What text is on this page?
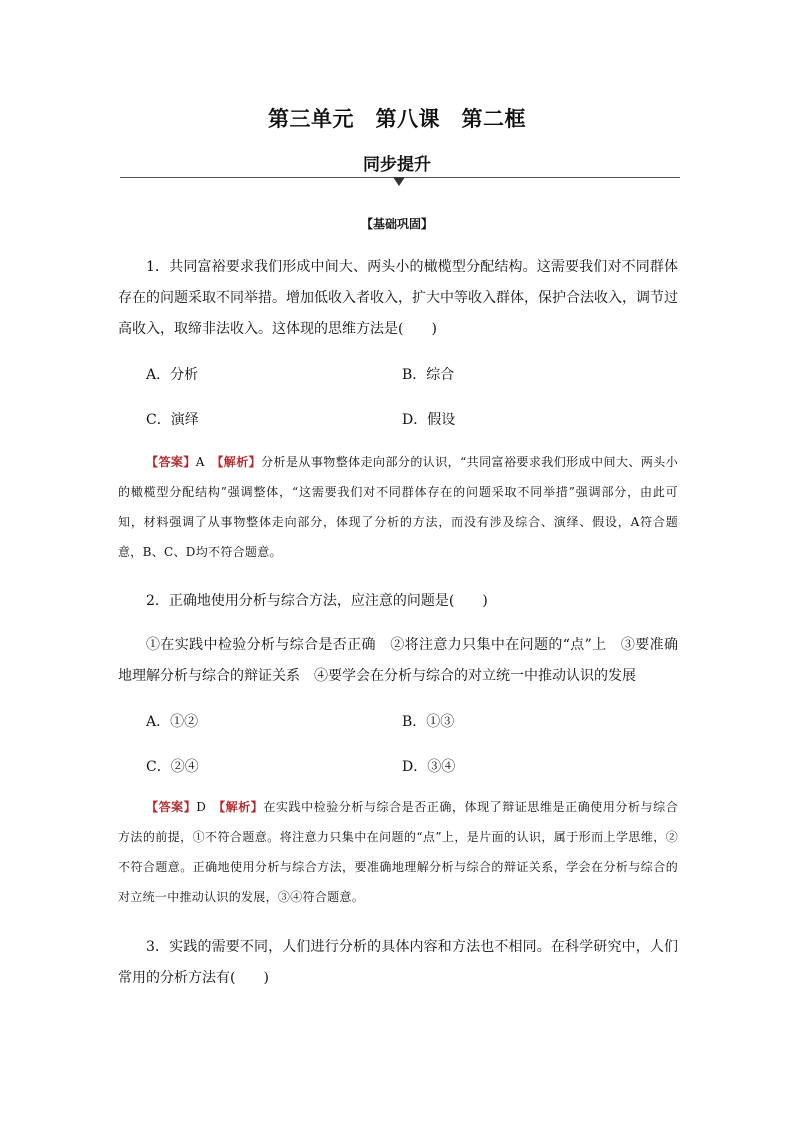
第三单元　第八课　第二框
同步提升
【基础巩固】

1．共同富裕要求我们形成中间大、两头小的橄榄型分配结构。这需要我们对不同群体存在的问题采取不同举措。增加低收入者收入，扩大中等收入群体，保护合法收入，调节过高收入，取缔非法收入。这体现的思维方法是(　　)

A．分析	B．综合
C．演绎	D．假设

【答案】A　 【解析】分析是从事物整体走向部分的认识，“共同富裕要求我们形成中间大、两头小的橄榄型分配结构”强调整体，“这需要我们对不同群体存在的问题采取不同举措”强调部分，由此可知，材料强调了从事物整体走向部分，体现了分析的方法，而没有涉及综合、演绎、假设，A符合题意，B、C、D均不符合题意。

2．正确地使用分析与综合方法，应注意的问题是(　　)

①在实践中检验分析与综合是否正确　②将注意力只集中在问题的“点”上　③要准确地理解分析与综合的辩证关系　④要学会在分析与综合的对立统一中推动认识的发展

A．①②	B．①③
C．②④	D．③④

【答案】D　 【解析】在实践中检验分析与综合是否正确，体现了辩证思维是正确使用分析与综合方法的前提，①不符合题意。将注意力只集中在问题的“点”上，是片面的认识，属于形而上学思维，②不符合题意。正确地使用分析与综合方法，要准确地理解分析与综合的辩证关系，学会在分析与综合的对立统一中推动认识的发展，③④符合题意。

3．实践的需要不同，人们进行分析的具体内容和方法也不相同。在科学研究中，人们常用的分析方法有(　　)
